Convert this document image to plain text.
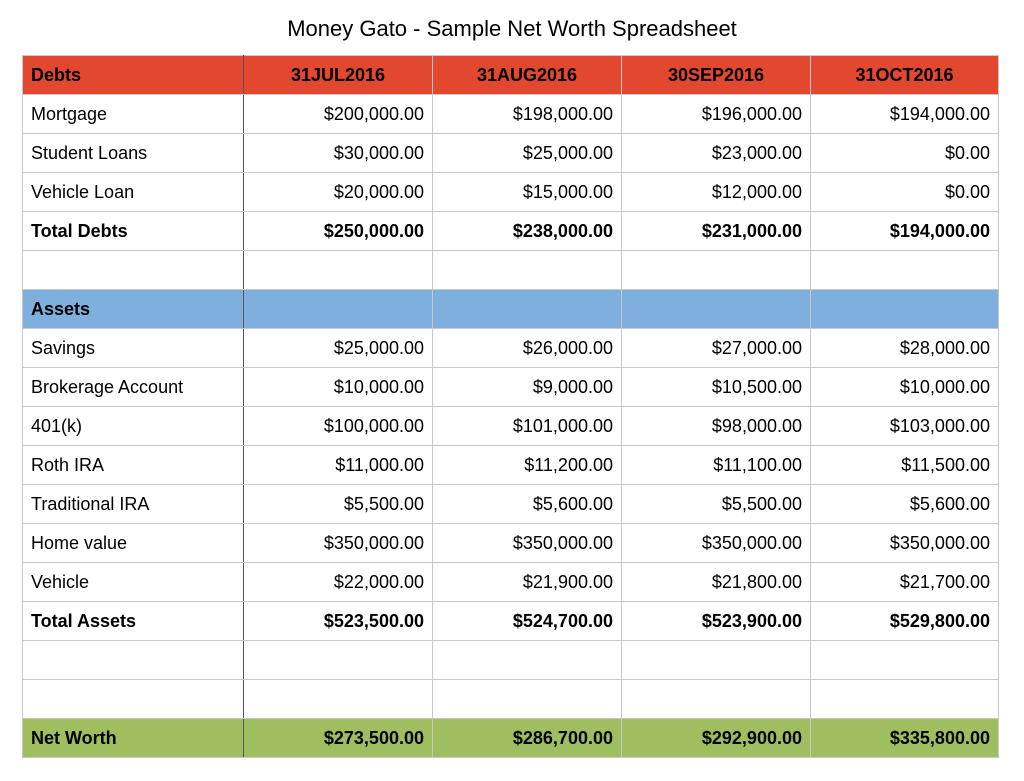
Money Gato - Sample Net Worth Spreadsheet
Debts	31JUL2016	31AUG2016	30SEP2016	31OCT2016
Mortgage	$200,000.00	$198,000.00	$196,000.00	$194,000.00
Student Loans	$30,000.00	$25,000.00	$23,000.00	$0.00
Vehicle Loan	$20,000.00	$15,000.00	$12,000.00	$0.00
Total Debts	$250,000.00	$238,000.00	$231,000.00	$194,000.00

Assets				
Savings	$25,000.00	$26,000.00	$27,000.00	$28,000.00
Brokerage Account	$10,000.00	$9,000.00	$10,500.00	$10,000.00
401(k)	$100,000.00	$101,000.00	$98,000.00	$103,000.00
Roth IRA	$11,000.00	$11,200.00	$11,100.00	$11,500.00
Traditional IRA	$5,500.00	$5,600.00	$5,500.00	$5,600.00
Home value	$350,000.00	$350,000.00	$350,000.00	$350,000.00
Vehicle	$22,000.00	$21,900.00	$21,800.00	$21,700.00
Total Assets	$523,500.00	$524,700.00	$523,900.00	$529,800.00

Net Worth	$273,500.00	$286,700.00	$292,900.00	$335,800.00
